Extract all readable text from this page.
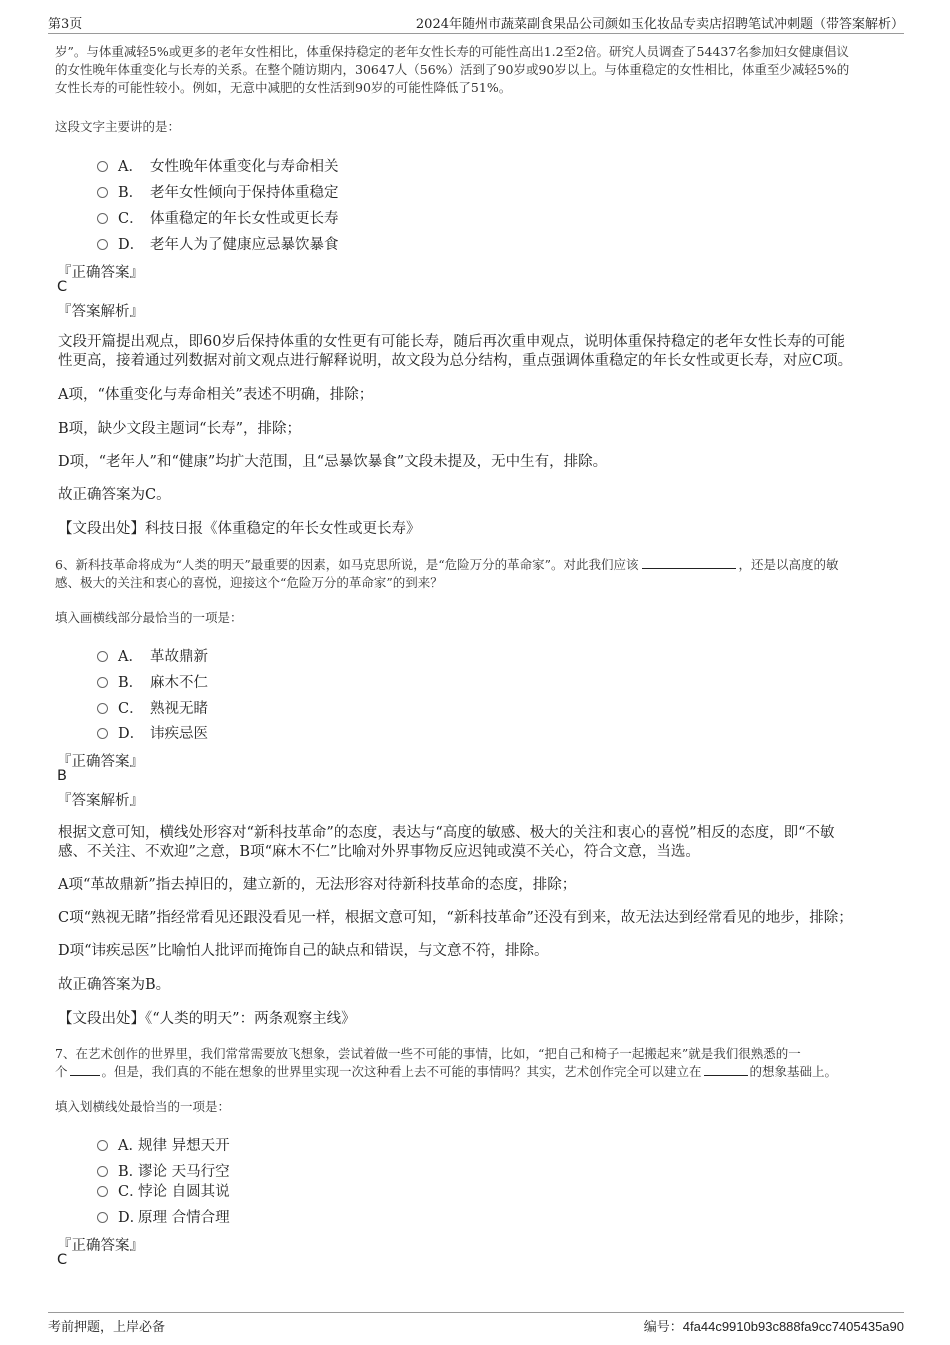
第3页	2024年随州市蔬菜副食果品公司颜如玉化妆品专卖店招聘笔试冲刺题（带答案解析）
岁”。与体重减轻5%或更多的老年女性相比，体重保持稳定的老年女性长寿的可能性高出1.2至2倍。研究人员调查了54437名参加妇女健康倡议
的女性晚年体重变化与长寿的关系。在整个随访期内，30647人（56%）活到了90岁或90岁以上。与体重稳定的女性相比，体重至少减轻5%的
女性长寿的可能性较小。例如，无意中减肥的女性活到90岁的可能性降低了51%。
这段文字主要讲的是：
A． 女性晚年体重变化与寿命相关
B． 老年女性倾向于保持体重稳定
C． 体重稳定的年长女性或更长寿
D． 老年人为了健康应忌暴饮暴食
『正确答案』
C
『答案解析』
文段开篇提出观点，即60岁后保持体重的女性更有可能长寿，随后再次重申观点，说明体重保持稳定的老年女性长寿的可能
性更高，接着通过列数据对前文观点进行解释说明，故文段为总分结构，重点强调体重稳定的年长女性或更长寿，对应C项。
A项，“体重变化与寿命相关”表述不明确，排除；
B项，缺少文段主题词“长寿”，排除；
D项，“老年人”和“健康”均扩大范围，且“忌暴饮暴食”文段未提及，无中生有，排除。
故正确答案为C。
【文段出处】科技日报《体重稳定的年长女性或更长寿》
6、新科技革命将成为“人类的明天”最重要的因素，如马克思所说，是“危险万分的革命家”。对此我们应该	，还是以高度的敏
感、极大的关注和衷心的喜悦，迎接这个“危险万分的革命家”的到来？
填入画横线部分最恰当的一项是：
A． 革故鼎新
B． 麻木不仁
C． 熟视无睹
D． 讳疾忌医
『正确答案』
B
『答案解析』
根据文意可知，横线处形容对“新科技革命”的态度，表达与“高度的敏感、极大的关注和衷心的喜悦”相反的态度，即“不敏
感、不关注、不欢迎”之意，B项“麻木不仁”比喻对外界事物反应迟钝或漠不关心，符合文意，当选。
A项“革故鼎新”指去掉旧的，建立新的，无法形容对待新科技革命的态度，排除；
C项“熟视无睹”指经常看见还跟没看见一样，根据文意可知，“新科技革命”还没有到来，故无法达到经常看见的地步，排除；
D项“讳疾忌医”比喻怕人批评而掩饰自己的缺点和错误，与文意不符，排除。
故正确答案为B。
【文段出处】《“人类的明天”：两条观察主线》
7、在艺术创作的世界里，我们常常需要放飞想象，尝试着做一些不可能的事情，比如，“把自己和椅子一起搬起来”就是我们很熟悉的一
个	。但是，我们真的不能在想象的世界里实现一次这种看上去不可能的事情吗？其实，艺术创作完全可以建立在	的想象基础上。
填入划横线处最恰当的一项是：
A．规律 异想天开
B．谬论 天马行空
C．悖论 自圆其说
D．原理 合情合理
『正确答案』
C
考前押题，上岸必备	编号：4fa44c9910b93c888fa9cc7405435a90
